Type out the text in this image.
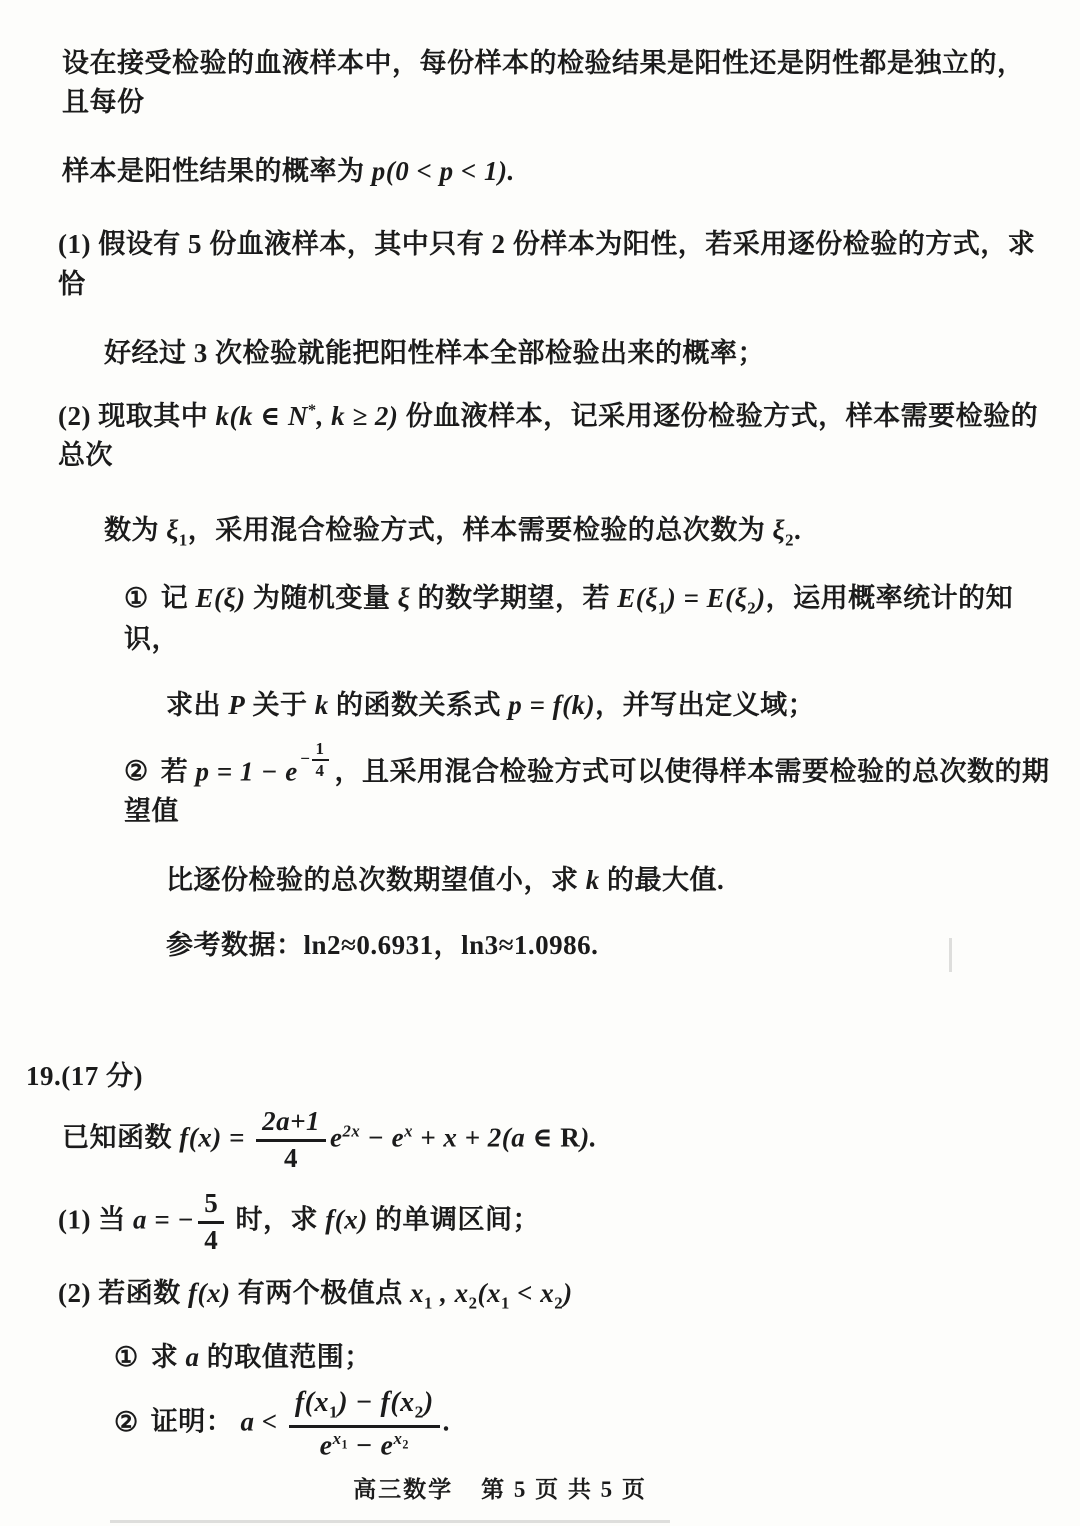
设在接受检验的血液样本中，每份样本的检验结果是阳性还是阴性都是独立的，且每份

样本是阳性结果的概率为 p(0 < p < 1).

(1) 假设有 5 份血液样本，其中只有 2 份样本为阳性，若采用逐份检验的方式，求恰

好经过 3 次检验就能把阳性样本全部检验出来的概率；

(2) 现取其中 k(k ∈ N*, k ≥ 2) 份血液样本，记采用逐份检验方式，样本需要检验的总次

数为 $\xi_1$，采用混合检验方式，样本需要检验的总次数为 $\xi_2$.

① 记 E(ξ) 为随机变量 ξ 的数学期望，若 $E(\xi_1) = E(\xi_2)$，运用概率统计的知识，

求出 P 关于 k 的函数关系式 p = f(k)，并写出定义域；

② 若 $p = 1 - e - \frac{1}{4}$ ，且采用混合检验方式可以使得样本需要检验的总次数的期望值

比逐份检验的总次数期望值小，求 k 的最大值.

参考数据：ln2≈0.6931，ln3≈1.0986.

19.(17 分)

已知函数 $f(x) = \frac{2a+1}{4} e^{2x} - e^x + x + 2(a$ ∈ R).

(1) 当 a = − $\frac{5}{4}$ 时，求 f(x) 的单调区间；

(2) 若函数 f(x) 有两个极值点 $x_1$ , $x_2(x_1 < x_2)$

① 求 a 的取值范围；

② 证明： $a < \frac{f(x_1) - f(x_2)}{e^{x_1} - e^{x_2}}$ .

高三数学 第 5 页 共 5 页
